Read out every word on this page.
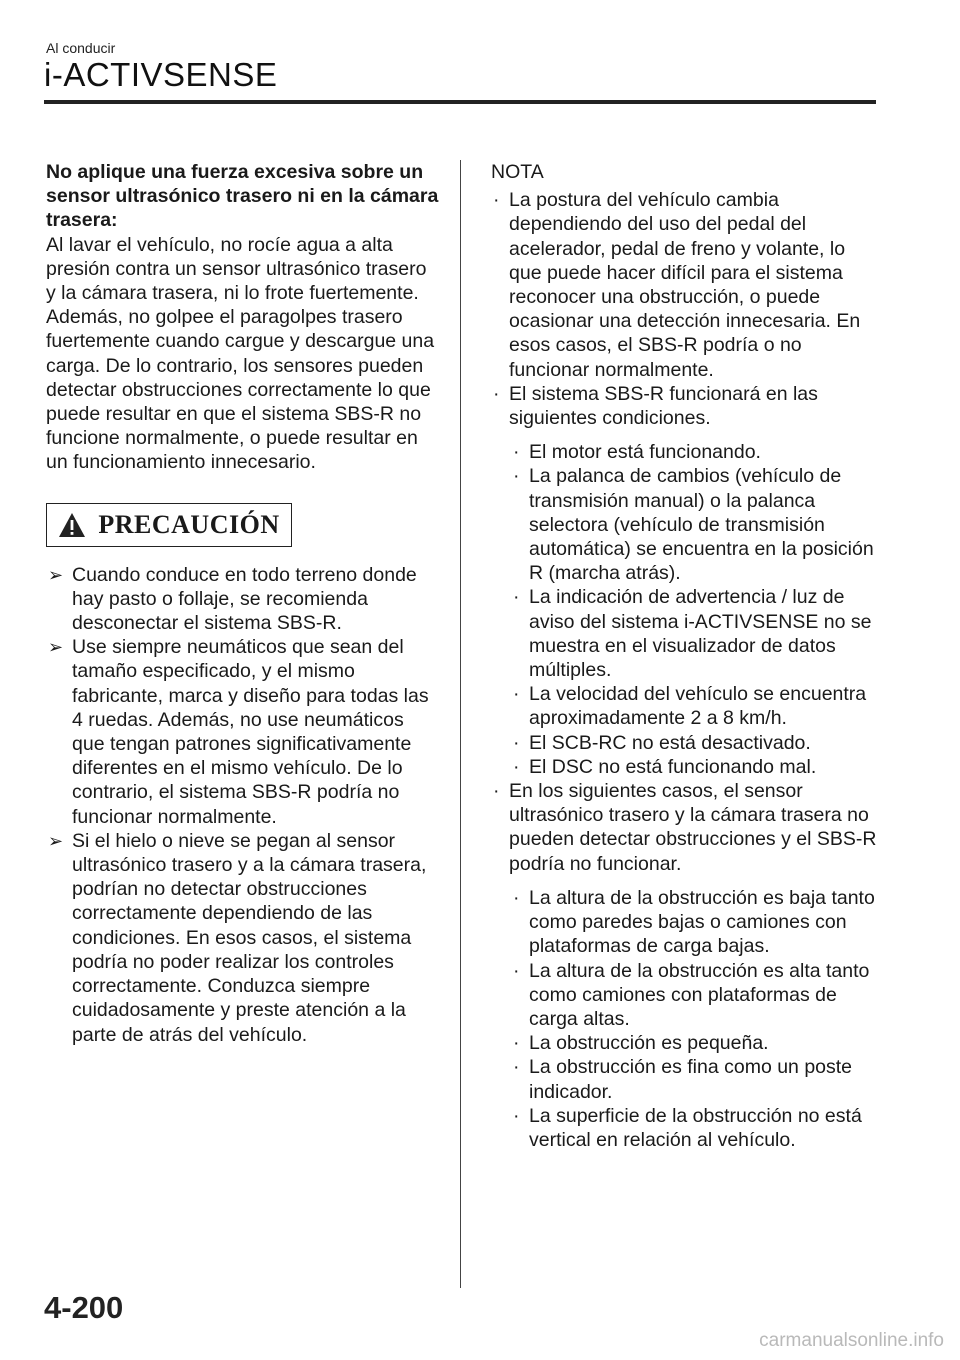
Al conducir
i-ACTIVSENSE

No aplique una fuerza excesiva sobre un sensor ultrasónico trasero ni en la cámara trasera:

Al lavar el vehículo, no rocíe agua a alta presión contra un sensor ultrasónico trasero y la cámara trasera, ni lo frote fuertemente. Además, no golpee el paragolpes trasero fuertemente cuando cargue y descargue una carga. De lo contrario, los sensores pueden detectar obstrucciones correctamente lo que puede resultar en que el sistema SBS-R no funcione normalmente, o puede resultar en un funcionamiento innecesario.

PRECAUCIÓN
➢ Cuando conduce en todo terreno donde hay pasto o follaje, se recomienda desconectar el sistema SBS-R.
➢ Use siempre neumáticos que sean del tamaño especificado, y el mismo fabricante, marca y diseño para todas las 4 ruedas. Además, no use neumáticos que tengan patrones significativamente diferentes en el mismo vehículo. De lo contrario, el sistema SBS-R podría no funcionar normalmente.
➢ Si el hielo o nieve se pegan al sensor ultrasónico trasero y a la cámara trasera, podrían no detectar obstrucciones correctamente dependiendo de las condiciones. En esos casos, el sistema podría no poder realizar los controles correctamente. Conduzca siempre cuidadosamente y preste atención a la parte de atrás del vehículo.
NOTA
· La postura del vehículo cambia dependiendo del uso del pedal del acelerador, pedal de freno y volante, lo que puede hacer difícil para el sistema reconocer una obstrucción, o puede ocasionar una detección innecesaria. En esos casos, el SBS-R podría o no funcionar normalmente.
· El sistema SBS-R funcionará en las siguientes condiciones.
· El motor está funcionando.
· La palanca de cambios (vehículo de transmisión manual) o la palanca selectora (vehículo de transmisión automática) se encuentra en la posición R (marcha atrás).
· La indicación de advertencia / luz de aviso del sistema i-ACTIVSENSE no se muestra en el visualizador de datos múltiples.
· La velocidad del vehículo se encuentra aproximadamente 2 a 8 km/h.
· El SCB-RC no está desactivado.
· El DSC no está funcionando mal.
· En los siguientes casos, el sensor ultrasónico trasero y la cámara trasera no pueden detectar obstrucciones y el SBS-R podría no funcionar.
· La altura de la obstrucción es baja tanto como paredes bajas o camiones con plataformas de carga bajas.
· La altura de la obstrucción es alta tanto como camiones con plataformas de carga altas.
· La obstrucción es pequeña.
· La obstrucción es fina como un poste indicador.
· La superficie de la obstrucción no está vertical en relación al vehículo.
4-200
carmanualsonline.info
